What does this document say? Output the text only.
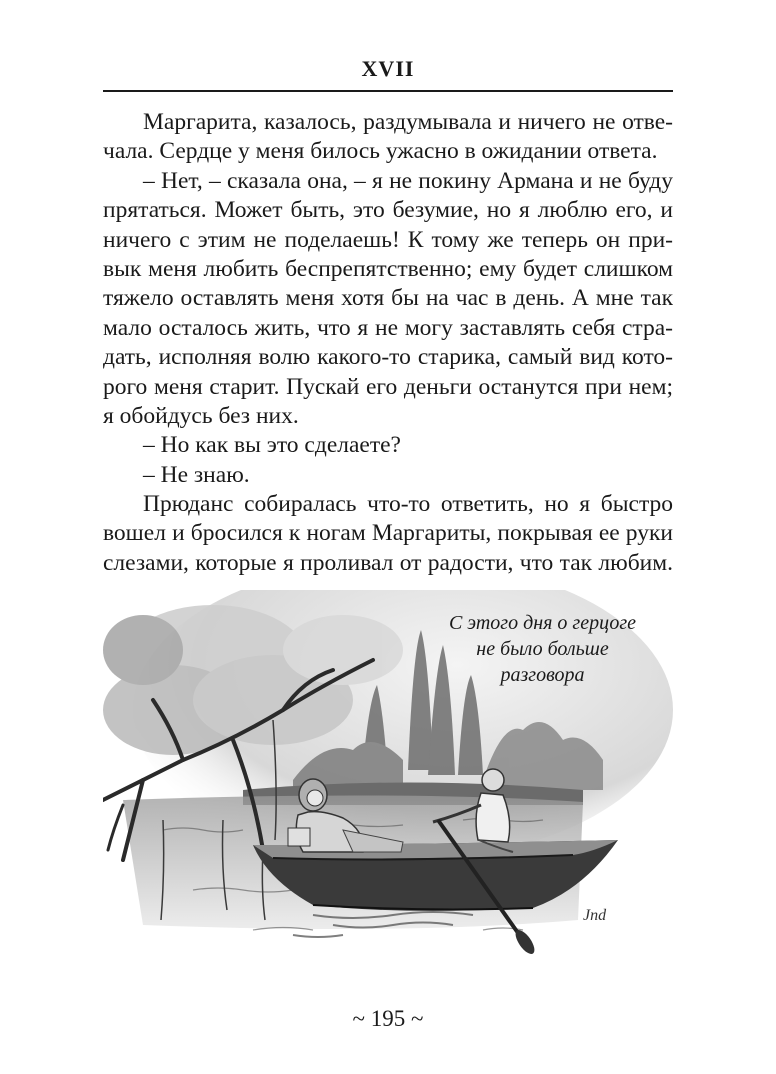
XVII
Маргарита, казалось, раздумывала и ничего не отве-
чала. Сердце у меня билось ужасно в ожидании ответа.
– Нет, – сказала она, – я не покину Армана и не буду
прятаться. Может быть, это безумие, но я люблю его, и
ничего с этим не поделаешь! К тому же теперь он при-
вык меня любить беспрепятственно; ему будет слишком
тяжело оставлять меня хотя бы на час в день. А мне так
мало осталось жить, что я не могу заставлять себя стра-
дать, исполняя волю какого-то старика, самый вид кото-
рого меня старит. Пускай его деньги останутся при нем;
я обойдусь без них.
– Но как вы это сделаете?
– Не знаю.
Прюданс собиралась что-то ответить, но я быстро
вошел и бросился к ногам Маргариты, покрывая ее руки
слезами, которые я проливал от радости, что так любим.
Jnd
С этого дня о герцоге
не было больше
разговора
~ 195 ~
